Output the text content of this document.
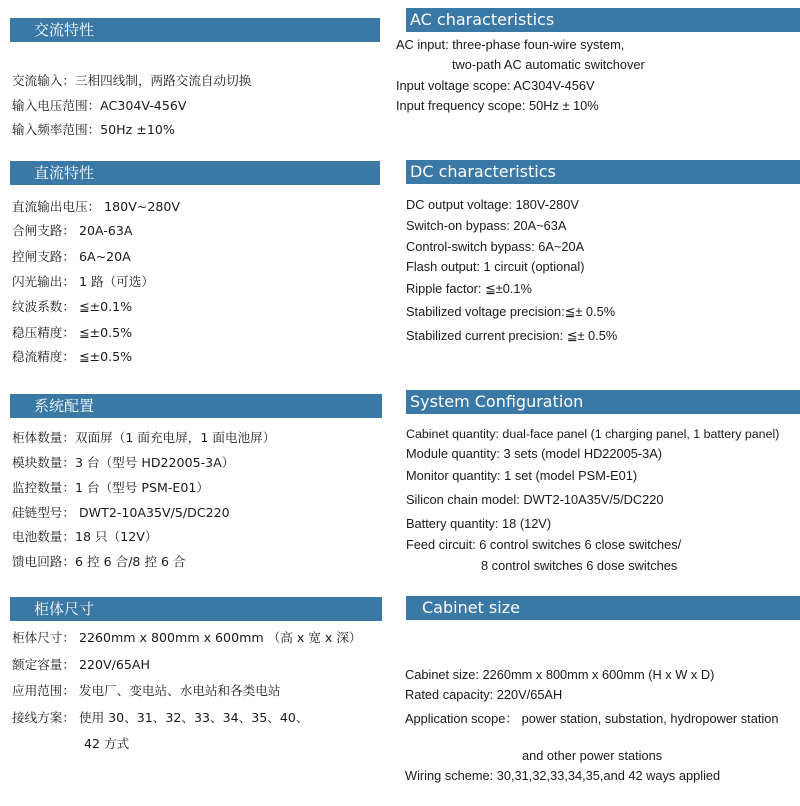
交流特性
交流输入：三相四线制，两路交流自动切换
输入电压范围：AC304V-456V
输入频率范围：50Hz ±10%
直流特性
直流输出电压： 180V~280V
合闸支路： 20A-63A
控闸支路： 6A~20A
闪光输出： 1 路（可选）
纹波系数： ≦±0.1%
稳压精度： ≦±0.5%
稳流精度： ≦±0.5%
系统配置
柜体数量：双面屏（1 面充电屏，1 面电池屏）
模块数量：3 台（型号 HD22005-3A）
监控数量：1 台（型号 PSM-E01）
硅链型号： DWT2-10A35V/5/DC220
电池数量：18 只（12V）
馈电回路：6 控 6 合/8 控 6 合
柜体尺寸
柜体尺寸： 2260mm x 800mm x 600mm （高 x 宽 x 深）
额定容量： 220V/65AH
应用范围： 发电厂、变电站、水电站和各类电站
接线方案： 使用 30、31、32、33、34、35、40、
42 方式
AC characteristics
AC input: three-phase foun-wire system,
two-path AC automatic switchover
Input voltage scope: AC304V-456V
Input frequency scope: 50Hz ± 10%
DC characteristics
DC output voltage: 180V-280V
Switch-on bypass: 20A~63A
Control-switch bypass: 6A~20A
Flash output: 1 circuit (optional)
Ripple factor: ≦±0.1%
Stabilized voltage precision:≦± 0.5%
Stabilized current precision: ≦± 0.5%
System Configuration
Cabinet quantity: dual-face panel (1 charging panel, 1 battery panel)
Module quantity: 3 sets (model HD22005-3A)
Monitor quantity: 1 set (model PSM-E01)
Silicon chain model: DWT2-10A35V/5/DC220
Battery quantity: 18 (12V)
Feed circuit: 6 control switches 6 close switches/
8 control switches 6 dose switches
Cabinet size
Cabinet size: 2260mm x 800mm x 600mm (H x W x D)
Rated capacity: 220V/65AH
Application scope： power station, substation, hydropower station
and other power stations
Wiring scheme: 30,31,32,33,34,35,and 42 ways applied
